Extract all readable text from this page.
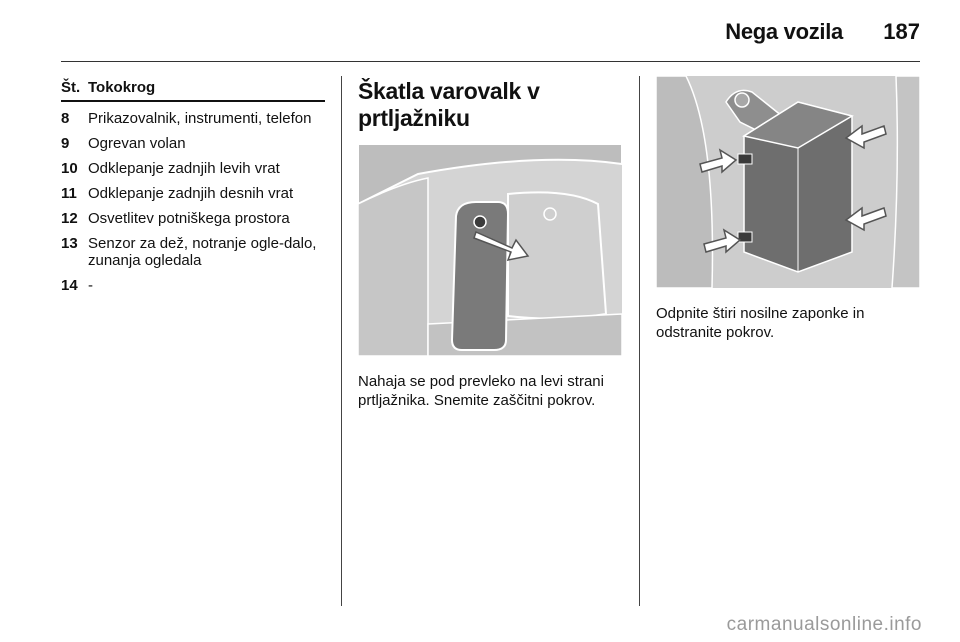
Nega vozila 187
Št. Tokokrog
8	Prikazovalnik, instrumenti, telefon
9	Ogrevan volan
10 Odklepanje zadnjih levih vrat
11 Odklepanje zadnjih desnih vrat
12 Osvetlitev potniškega prostora
13 Senzor za dež, notranje ogle-dalo, zunanja ogledala
14 -
Škatla varovalk v prtljažniku
Nahaja se pod prevleko na levi strani prtljažnika. Snemite zaščitni pokrov.
Odpnite štiri nosilne zaponke in odstranite pokrov.
carmanualsonline.info
